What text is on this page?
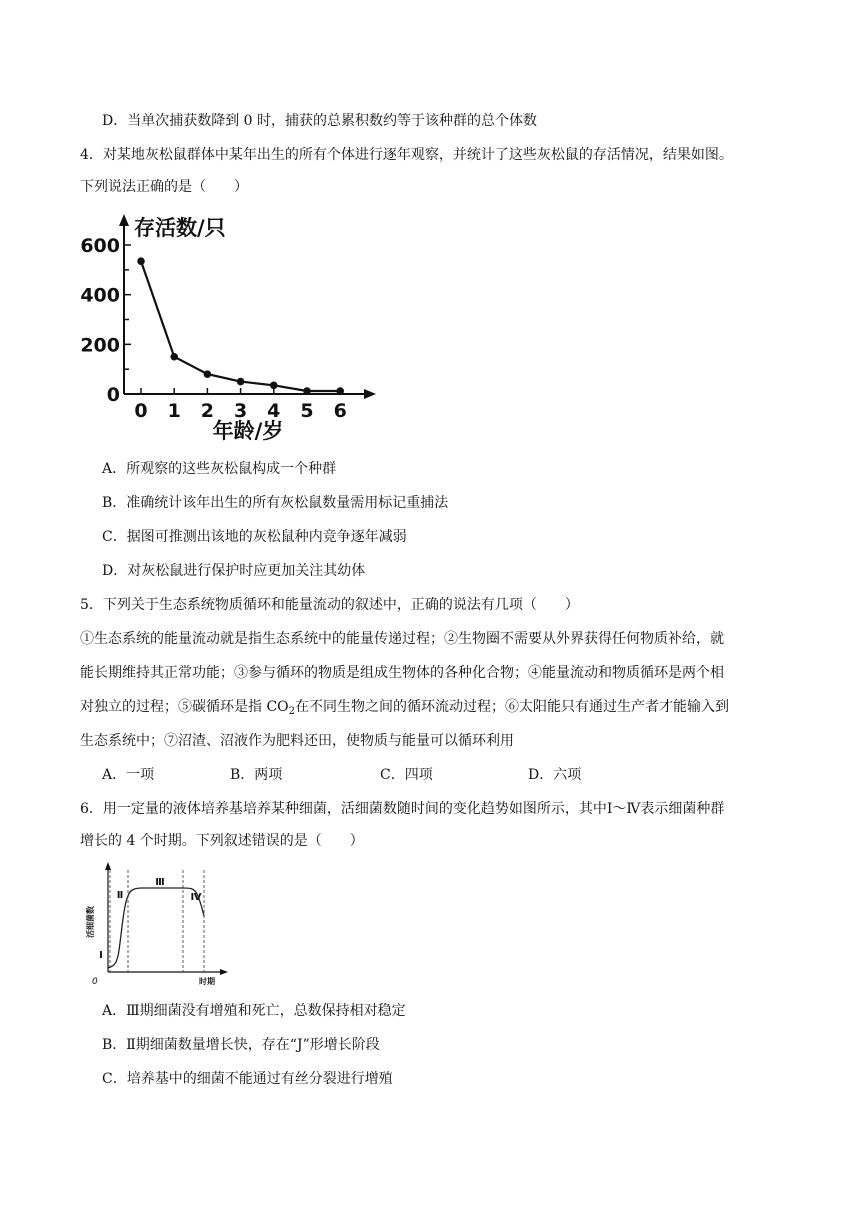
D．当单次捕获数降到 0 时，捕获的总累积数约等于该种群的总个体数
4．对某地灰松鼠群体中某年出生的所有个体进行逐年观察，并统计了这些灰松鼠的存活情况，结果如图。
下列说法正确的是（　　）
0
200
400
600
0 1 2 3 4 5 6
存活数/只
年龄/岁
A．所观察的这些灰松鼠构成一个种群
B．准确统计该年出生的所有灰松鼠数量需用标记重捕法
C．据图可推测出该地的灰松鼠种内竞争逐年减弱
D．对灰松鼠进行保护时应更加关注其幼体
5．下列关于生态系统物质循环和能量流动的叙述中，正确的说法有几项（　　）
①生态系统的能量流动就是指生态系统中的能量传递过程；②生物圈不需要从外界获得任何物质补给，就
能长期维持其正常功能；③参与循环的物质是组成生物体的各种化合物；④能量流动和物质循环是两个相
对独立的过程；⑤碳循环是指 $CO_2$在不同生物之间的循环流动过程；⑥太阳能只有通过生产者才能输入到
生态系统中；⑦沼渣、沼液作为肥料还田，使物质与能量可以循环利用
A．一项	B．两项	C．四项	D．六项
6．用一定量的液体培养基培养某种细菌，活细菌数随时间的变化趋势如图所示，其中Ⅰ～Ⅳ表示细菌种群
增长的 4 个时期。下列叙述错误的是（　　）
Ⅰ
Ⅱ
Ⅲ
Ⅳ
活细菌数
时期
0
A．Ⅲ期细菌没有增殖和死亡，总数保持相对稳定
B．Ⅱ期细菌数量增长快，存在“J”形增长阶段
C．培养基中的细菌不能通过有丝分裂进行增殖
